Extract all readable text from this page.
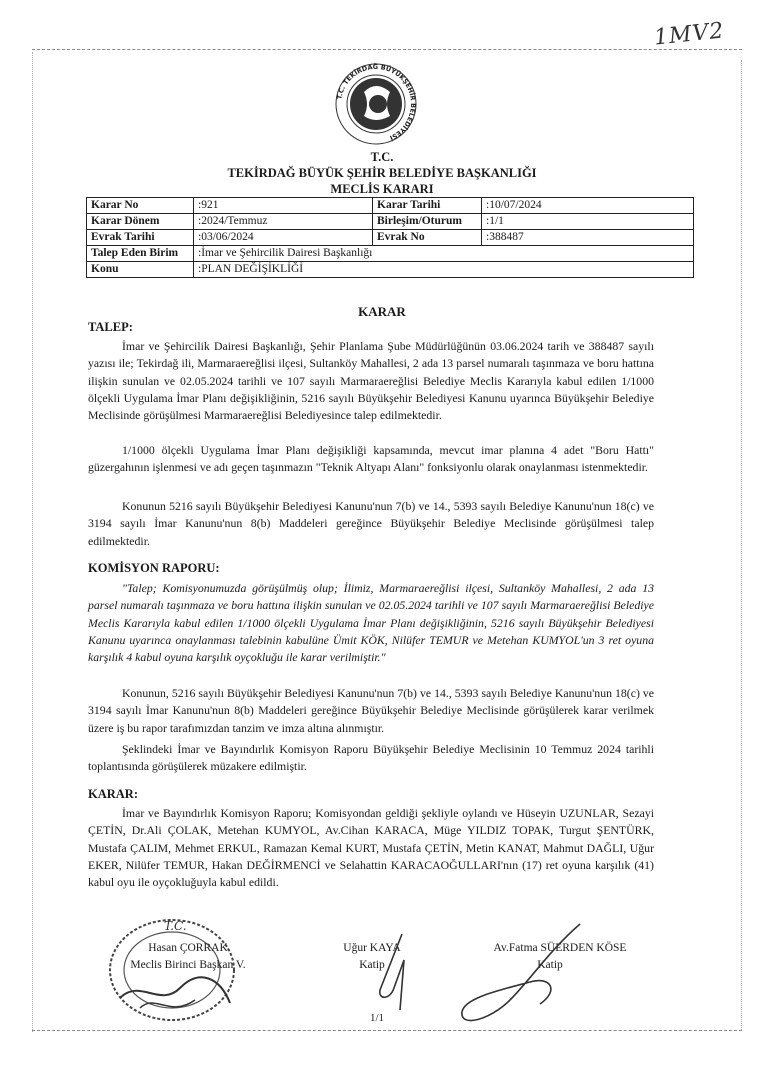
1MV2
T.C. TEKİRDAĞ BÜYÜKŞEHİR BELEDİYESİ
T.C.
TEKİRDAĞ BÜYÜK ŞEHİR BELEDİYE BAŞKANLIĞI
MECLİS KARARI
Karar No	:921	Karar Tarihi	:10/07/2024
Karar Dönem	:2024/Temmuz	Birleşim/Oturum	:1/1
Evrak Tarihi	:03/06/2024	Evrak No	:388487
Talep Eden Birim	:İmar ve Şehircilik Dairesi Başkanlığı		
Konu	:PLAN DEĞİŞİKLİĞİ		
KARAR
TALEP:
İmar ve Şehircilik Dairesi Başkanlığı, Şehir Planlama Şube Müdürlüğünün 03.06.2024 tarih ve 388487 sayılı yazısı ile; Tekirdağ ili, Marmaraereğlisi ilçesi, Sultanköy Mahallesi, 2 ada 13 parsel numaralı taşınmaza ve boru hattına ilişkin sunulan ve 02.05.2024 tarihli ve 107 sayılı Marmaraereğlisi Belediye Meclis Kararıyla kabul edilen 1/1000 ölçekli Uygulama İmar Planı değişikliğinin, 5216 sayılı Büyükşehir Belediyesi Kanunu uyarınca Büyükşehir Belediye Meclisinde görüşülmesi Marmaraereğlisi Belediyesince talep edilmektedir.
1/1000 ölçekli Uygulama İmar Planı değişikliği kapsamında, mevcut imar planına 4 adet "Boru Hattı" güzergahının işlenmesi ve adı geçen taşınmazın "Teknik Altyapı Alanı" fonksiyonlu olarak onaylanması istenmektedir.
Konunun 5216 sayılı Büyükşehir Belediyesi Kanunu'nun 7(b) ve 14., 5393 sayılı Belediye Kanunu'nun 18(c) ve 3194 sayılı İmar Kanunu'nun 8(b) Maddeleri gereğince Büyükşehir Belediye Meclisinde görüşülmesi talep edilmektedir.
KOMİSYON RAPORU:
"Talep; Komisyonumuzda görüşülmüş olup; İlimiz, Marmaraereğlisi ilçesi, Sultanköy Mahallesi, 2 ada 13 parsel numaralı taşınmaza ve boru hattına ilişkin sunulan ve 02.05.2024 tarihli ve 107 sayılı Marmaraereğlisi Belediye Meclis Kararıyla kabul edilen 1/1000 ölçekli Uygulama İmar Planı değişikliğinin, 5216 sayılı Büyükşehir Belediyesi Kanunu uyarınca onaylanması talebinin kabulüne Ümit KÖK, Nilüfer TEMUR ve Metehan KUMYOL'un 3 ret oyuna karşılık 4 kabul oyuna karşılık oyçokluğu ile karar verilmiştir."
Konunun, 5216 sayılı Büyükşehir Belediyesi Kanunu'nun 7(b) ve 14., 5393 sayılı Belediye Kanunu'nun 18(c) ve 3194 sayılı İmar Kanunu'nun 8(b) Maddeleri gereğince Büyükşehir Belediye Meclisinde görüşülerek karar verilmek üzere iş bu rapor tarafımızdan tanzim ve imza altına alınmıştır.
Şeklindeki İmar ve Bayındırlık Komisyon Raporu Büyükşehir Belediye Meclisinin 10 Temmuz 2024 tarihli toplantısında görüşülerek müzakere edilmiştir.
KARAR:
İmar ve Bayındırlık Komisyon Raporu; Komisyondan geldiği şekliyle oylandı ve Hüseyin UZUNLAR, Sezayi ÇETİN, Dr.Ali ÇOLAK, Metehan KUMYOL, Av.Cihan KARACA, Müge YILDIZ TOPAK, Turgut ŞENTÜRK, Mustafa ÇALIM, Mehmet ERKUL, Ramazan Kemal KURT, Mustafa ÇETİN, Metin KANAT, Mahmut DAĞLI, Uğur EKER, Nilüfer TEMUR, Hakan DEĞİRMENCİ ve Selahattin KARACAOĞULLARI'nın (17) ret oyuna karşılık (41) kabul oyu ile oyçokluğuyla kabul edildi.
T.C.
Hasan ÇORRAK
Meclis Birinci Başkan V.
Uğur KAYA
Katip
Av.Fatma SÜERDEN KÖSE
Katip
1/1
